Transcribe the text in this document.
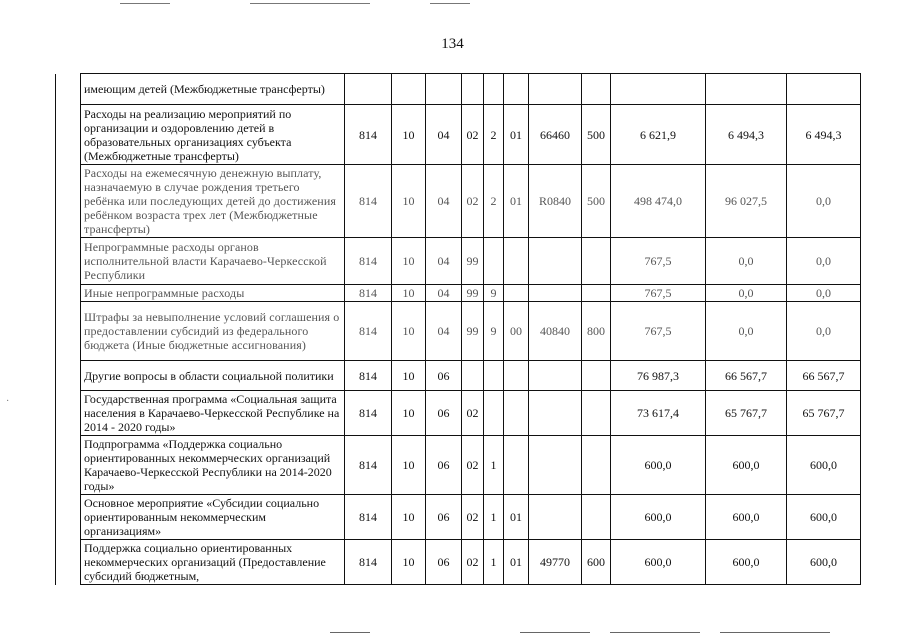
134
	имеющим детей (Межбюджетные трансферты)											
	Расходы на реализацию мероприятий по организации и оздоровлению детей в образовательных организациях субъекта (Межбюджетные трансферты)	814	10	04	02	2	01	66460	500	6 621,9	6 494,3	6 494,3
	Расходы на ежемесячную денежную выплату, назначаемую в случае рождения третьего ребёнка или последующих детей до достижения ребёнком возраста трех лет (Межбюджетные трансферты)	814	10	04	02	2	01	R0840	500	498 474,0	96 027,5	0,0
	Непрограммные расходы органов исполнительной власти Карачаево-Черкесской Республики	814	10	04	99					767,5	0,0	0,0
	Иные непрограммные расходы	814	10	04	99	9				767,5	0,0	0,0
	Штрафы за невыполнение условий соглашения о предоставлении субсидий из федерального бюджета (Иные бюджетные ассигнования)	814	10	04	99	9	00	40840	800	767,5	0,0	0,0
	Другие вопросы в области социальной политики	814	10	06						76 987,3	66 567,7	66 567,7
	Государственная программа «Социальная защита населения в Карачаево-Черкесской Республике на 2014 - 2020 годы»	814	10	06	02					73 617,4	65 767,7	65 767,7
	Подпрограмма «Поддержка социально ориентированных некоммерческих организаций Карачаево-Черкесской Республики на 2014-2020 годы»	814	10	06	02	1				600,0	600,0	600,0
	Основное мероприятие «Субсидии социально ориентированным некоммерческим организациям»	814	10	06	02	1	01			600,0	600,0	600,0
	Поддержка социально ориентированных некоммерческих организаций (Предоставление субсидий бюджетным,	814	10	06	02	1	01	49770	600	600,0	600,0	600,0
·
